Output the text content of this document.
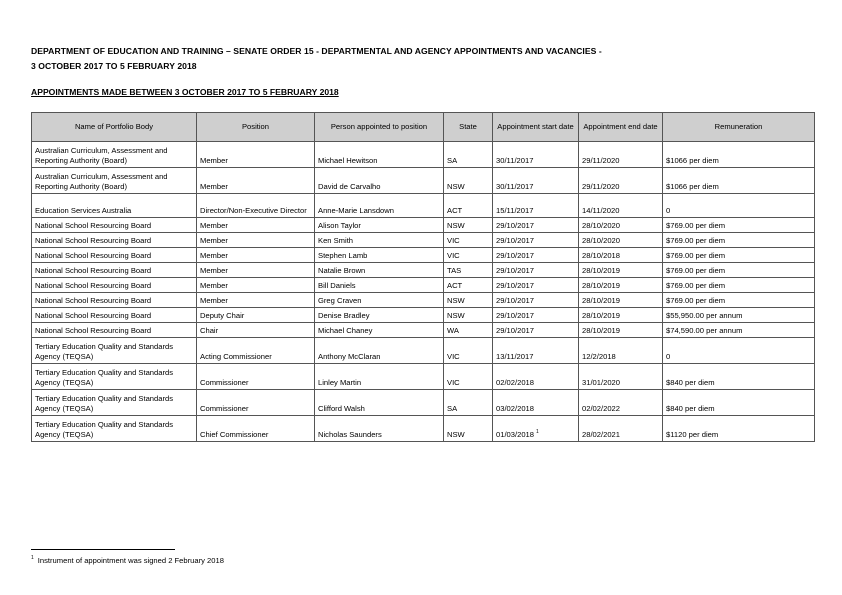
DEPARTMENT OF EDUCATION AND TRAINING – SENATE ORDER 15 - DEPARTMENTAL AND AGENCY APPOINTMENTS AND VACANCIES -
3 OCTOBER 2017 TO 5 FEBRUARY 2018
APPOINTMENTS MADE BETWEEN 3 OCTOBER 2017 TO 5 FEBRUARY 2018
Name of Portfolio Body	Position	Person appointed to position	State	Appointment start date	Appointment end date	Remuneration
Australian Curriculum, Assessment and Reporting Authority (Board)	Member	Michael Hewitson	SA	30/11/2017	29/11/2020	$1066 per diem
Australian Curriculum, Assessment and Reporting Authority (Board)	Member	David de Carvalho	NSW	30/11/2017	29/11/2020	$1066 per diem
Education Services Australia	Director/Non-Executive Director	Anne-Marie Lansdown	ACT	15/11/2017	14/11/2020	0
National School Resourcing Board	Member	Alison Taylor	NSW	29/10/2017	28/10/2020	$769.00 per diem
National School Resourcing Board	Member	Ken Smith	VIC	29/10/2017	28/10/2020	$769.00 per diem
National School Resourcing Board	Member	Stephen Lamb	VIC	29/10/2017	28/10/2018	$769.00 per diem
National School Resourcing Board	Member	Natalie Brown	TAS	29/10/2017	28/10/2019	$769.00 per diem
National School Resourcing Board	Member	Bill Daniels	ACT	29/10/2017	28/10/2019	$769.00 per diem
National School Resourcing Board	Member	Greg Craven	NSW	29/10/2017	28/10/2019	$769.00 per diem
National School Resourcing Board	Deputy Chair	Denise Bradley	NSW	29/10/2017	28/10/2019	$55,950.00 per annum
National School Resourcing Board	Chair	Michael Chaney	WA	29/10/2017	28/10/2019	$74,590.00 per annum
Tertiary Education Quality and Standards Agency (TEQSA)	Acting Commissioner	Anthony McClaran	VIC	13/11/2017	12/2/2018	0
Tertiary Education Quality and Standards Agency (TEQSA)	Commissioner	Linley Martin	VIC	02/02/2018	31/01/2020	$840 per diem
Tertiary Education Quality and Standards Agency (TEQSA)	Commissioner	Clifford Walsh	SA	03/02/2018	02/02/2022	$840 per diem
Tertiary Education Quality and Standards Agency (TEQSA)	Chief Commissioner	Nicholas Saunders	NSW	01/03/2018 $^1$	28/02/2021	$1120 per diem
$^1$ Instrument of appointment was signed 2 February 2018
